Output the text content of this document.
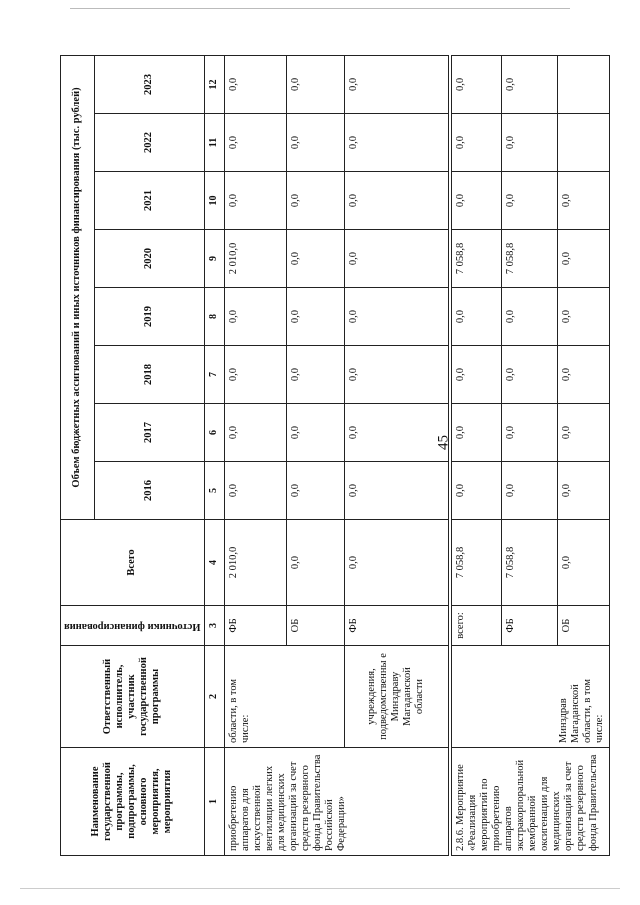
45
Наименование государственной программы, подпрограммы, основного мероприятия, мероприятия	Ответственный исполнитель, участник государственной программы	Источники финансирования	Всего	Объем бюджетных ассигнований и иных источников финансирования (тыс. рублей)							
				2016	2017	2018	2019	2020	2021	2022	2023
1	2	3	4	5	6	7	8	9	10	11	12
приобретению аппаратов для искусственной вентиляции легких для медицинских организаций за счет средств резервного фонда Правительства Российской Федерации»	области, в том числе:	ФБ	2 010,0	0,0	0,0	0,0	0,0	2 010,0	0,0	0,0	0,0
		ОБ	0,0	0,0	0,0	0,0	0,0	0,0	0,0	0,0	0,0
	учреждения, подведомственны е Минздраву Магаданской области	ФБ	0,0	0,0	0,0	0,0	0,0	0,0	0,0	0,0	0,0

2.8.6. Мероприятие «Реализация мероприятий по приобретению аппаратов экстракорпоральной мембранной оксигенации для медицинских организаций за счет средств резервного фонда Правительства	Минздрав Магаданской области, в том числе:	всего:	7 058,8	0,0	0,0	0,0	0,0	7 058,8	0,0	0,0	0,0
		ФБ	7 058,8	0,0	0,0	0,0	0,0	7 058,8	0,0	0,0	0,0
		ОБ	0,0	0,0	0,0	0,0	0,0	0,0	0,0		
